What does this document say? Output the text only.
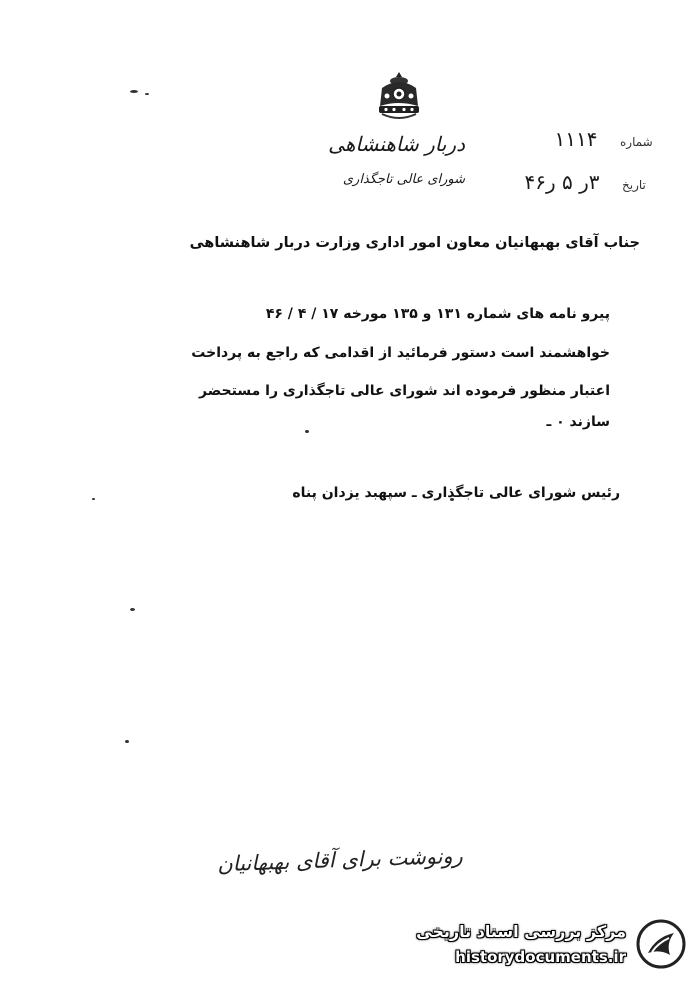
دربار شاهنشاهی
شورای عالی تاجگذاری
شماره
۱۱۱۴
تاریخ
۳ر ۵ ر۴۶
جناب آقای بهبهانیان معاون امور اداری وزارت دربار شاهنشاهی
پیرو نامه های شماره ۱۳۱ و ۱۳۵ مورخه ۱۷ / ۴ / ۴۶
خواهشمند است دستور فرمائید از اقدامی که راجع به پرداخت
اعتبار منظور فرموده اند شورای عالی تاجگذاری را مستحضر
سازند ۰ ـ
رئیس شورای عالی تاجگذاری ـ سپهبد یزدان پناه
رونوشت برای آقای بهبهانیان
مرکز بررسی اسناد تاریخی
historydocuments.ir
